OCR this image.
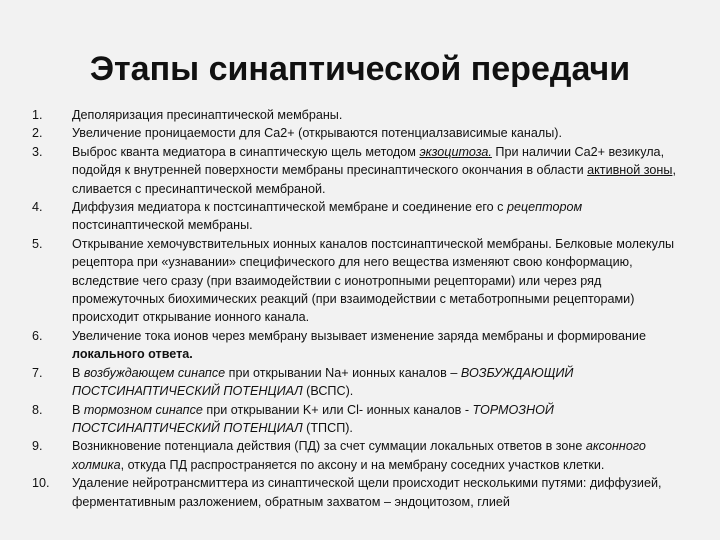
Этапы синаптической передачи
1.	Деполяризация пресинаптической мембраны.
2.	Увеличение проницаемости для Ca2+ (открываются потенциалзависимые каналы).
3.	Выброс кванта медиатора в синаптическую щель методом экзоцитоза. При наличии Ca2+ везикула, подойдя к внутренней поверхности мембраны пресинаптического окончания в области активной зоны, сливается с пресинаптической мембраной.
4.	Диффузия медиатора к постсинаптической мембране и соединение его с рецептором постсинаптической мембраны.
5.	Открывание хемочувствительных ионных каналов постсинаптической мембраны. Белковые молекулы рецептора при «узнавании» специфического для него вещества изменяют свою конформацию, вследствие чего сразу (при взаимодействии с ионотропными рецепторами) или через ряд промежуточных биохимических реакций (при взаимодействии с метаботропными рецепторами) происходит открывание ионного канала.
6.	Увеличение тока ионов через мембрану вызывает изменение заряда мембраны и формирование локального ответа.
7.	В возбуждающем синапсе при открывании Na+ ионных каналов – ВОЗБУЖДАЮЩИЙ ПОСТСИНАПТИЧЕСКИЙ ПОТЕНЦИАЛ (ВСПС).
8.	В тормозном синапсе при открывании K+ или Cl- ионных каналов - ТОРМОЗНОЙ ПОСТСИНАПТИЧЕСКИЙ ПОТЕНЦИАЛ (ТПСП).
9.	Возникновение потенциала действия (ПД) за счет суммации локальных ответов в зоне аксонного холмика, откуда ПД распространяется по аксону и на мембрану соседних участков клетки.
10.	Удаление нейротрансмиттера из синаптической щели происходит несколькими путями: диффузией, ферментативным разложением, обратным захватом – эндоцитозом, глией
